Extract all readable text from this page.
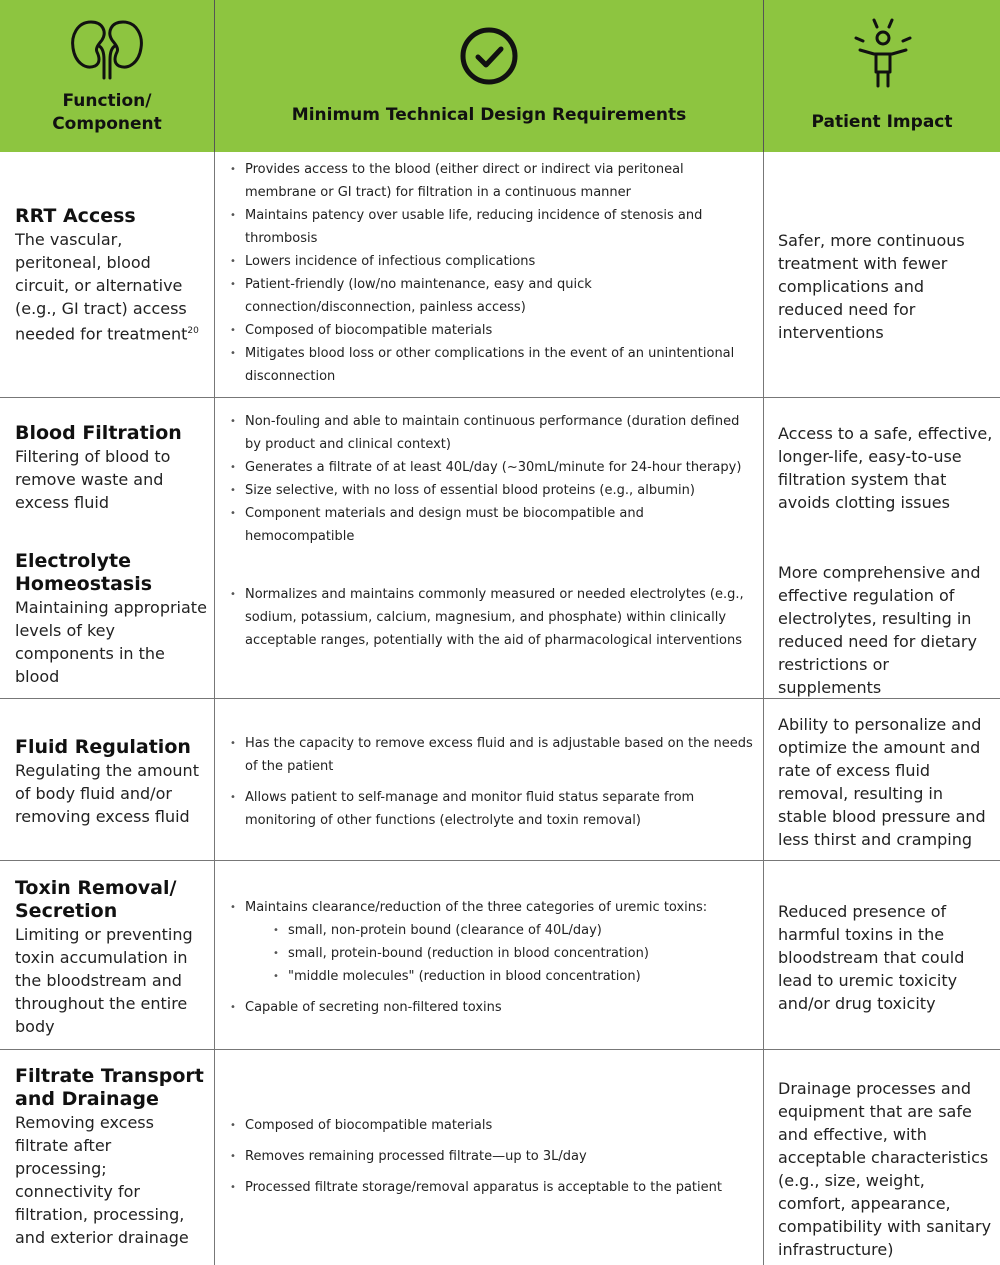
Function/
Component	Minimum Technical Design Requirements	Patient Impact

RRT Access

The vascular, peritoneal, blood circuit, or alternative (e.g., GI tract) access needed for treatment$^{20}$

• Provides access to the blood (either direct or indirect via peritoneal membrane or GI tract) for filtration in a continuous manner
• Maintains patency over usable life, reducing incidence of stenosis and thrombosis
• Lowers incidence of infectious complications
• Patient-friendly (low/no maintenance, easy and quick connection/disconnection, painless access)
• Composed of biocompatible materials
• Mitigates blood loss or other complications in the event of an unintentional disconnection

Safer, more continuous treatment with fewer complications and reduced need for interventions

Blood Filtration

Filtering of blood to remove waste and excess fluid

• Non-fouling and able to maintain continuous performance (duration defined by product and clinical context)
• Generates a filtrate of at least 40L/day (~30mL/minute for 24-hour therapy)
• Size selective, with no loss of essential blood proteins (e.g., albumin)
• Component materials and design must be biocompatible and hemocompatible

Access to a safe, effective, longer-life, easy-to-use filtration system that avoids clotting issues

Electrolyte Homeostasis

Maintaining appropriate levels of key components in the blood

• Normalizes and maintains commonly measured or needed electrolytes (e.g., sodium, potassium, calcium, magnesium, and phosphate) within clinically acceptable ranges, potentially with the aid of pharmacological interventions

More comprehensive and effective regulation of electrolytes, resulting in reduced need for dietary restrictions or supplements

Fluid Regulation

Regulating the amount of body fluid and/or removing excess fluid

• Has the capacity to remove excess fluid and is adjustable based on the needs of the patient
• Allows patient to self-manage and monitor fluid status separate from monitoring of other functions (electrolyte and toxin removal)

Ability to personalize and optimize the amount and rate of excess fluid removal, resulting in stable blood pressure and less thirst and cramping

Toxin Removal/ Secretion

Limiting or preventing toxin accumulation in the bloodstream and throughout the entire body

• Maintains clearance/reduction of the three categories of uremic toxins:
• small, non-protein bound (clearance of 40L/day)
• small, protein-bound (reduction in blood concentration)
• "middle molecules" (reduction in blood concentration)
• Capable of secreting non-filtered toxins

Reduced presence of harmful toxins in the bloodstream that could lead to uremic toxicity and/or drug toxicity

Filtrate Transport and Drainage

Removing excess filtrate after processing; connectivity for filtration, processing, and exterior drainage

• Composed of biocompatible materials
• Removes remaining processed filtrate—up to 3L/day
• Processed filtrate storage/removal apparatus is acceptable to the patient

Drainage processes and equipment that are safe and effective, with acceptable characteristics (e.g., size, weight, comfort, appearance, compatibility with sanitary infrastructure)
